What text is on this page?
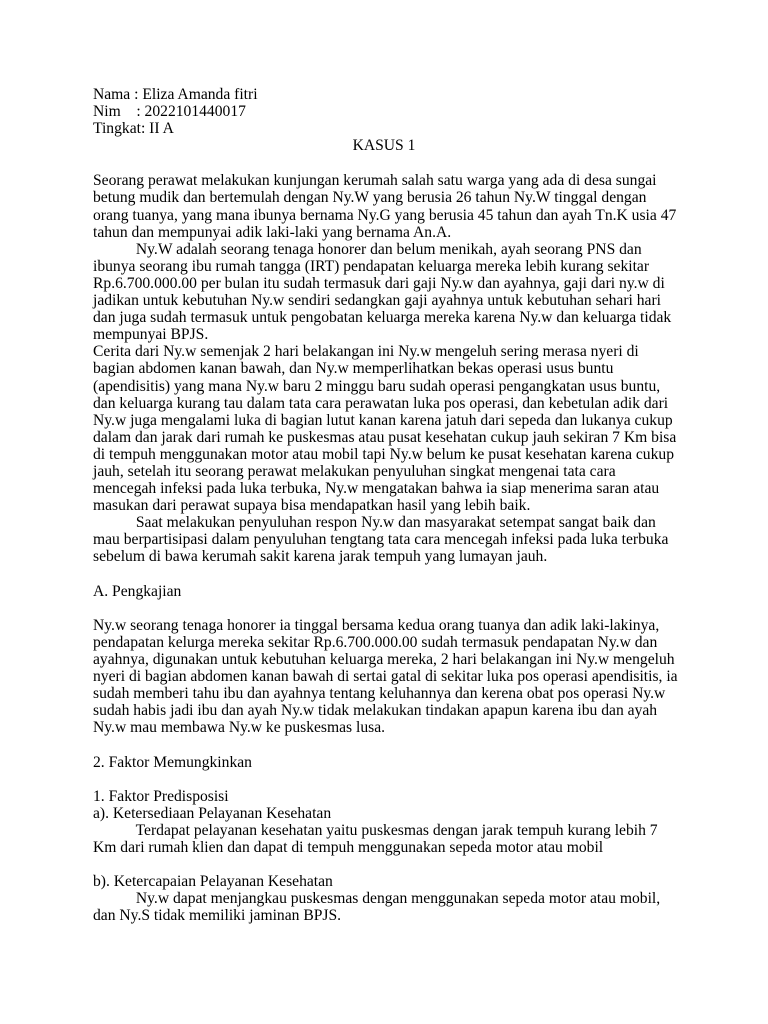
Nama : Eliza Amanda fitri
Nim    : 2022101440017
Tingkat: II A
KASUS 1
Seorang perawat melakukan kunjungan kerumah salah satu warga yang ada di desa sungai
betung mudik dan bertemulah dengan Ny.W yang berusia 26 tahun Ny.W tinggal dengan
orang tuanya, yang mana ibunya bernama Ny.G yang berusia 45 tahun dan ayah Tn.K usia 47
tahun dan mempunyai adik laki-laki yang bernama An.A.
Ny.W adalah seorang tenaga honorer dan belum menikah, ayah seorang PNS dan
ibunya seorang ibu rumah tangga (IRT) pendapatan keluarga mereka lebih kurang sekitar
Rp.6.700.000.00 per bulan itu sudah termasuk dari gaji Ny.w dan ayahnya, gaji dari ny.w di
jadikan untuk kebutuhan Ny.w sendiri sedangkan gaji ayahnya untuk kebutuhan sehari hari
dan juga sudah termasuk untuk pengobatan keluarga mereka karena Ny.w dan keluarga tidak
mempunyai BPJS.
Cerita dari Ny.w semenjak 2 hari belakangan ini Ny.w mengeluh sering merasa nyeri di
bagian abdomen kanan bawah, dan Ny.w memperlihatkan bekas operasi usus buntu
(apendisitis) yang mana Ny.w baru 2 minggu baru sudah operasi pengangkatan usus buntu,
dan keluarga kurang tau dalam tata cara perawatan luka pos operasi, dan kebetulan adik dari
Ny.w juga mengalami luka di bagian lutut kanan karena jatuh dari sepeda dan lukanya cukup
dalam dan jarak dari rumah ke puskesmas atau pusat kesehatan cukup jauh sekiran 7 Km bisa
di tempuh menggunakan motor atau mobil tapi Ny.w belum ke pusat kesehatan karena cukup
jauh, setelah itu seorang perawat melakukan penyuluhan singkat mengenai tata cara
mencegah infeksi pada luka terbuka, Ny.w mengatakan bahwa ia siap menerima saran atau
masukan dari perawat supaya bisa mendapatkan hasil yang lebih baik.
Saat melakukan penyuluhan respon Ny.w dan masyarakat setempat sangat baik dan
mau berpartisipasi dalam penyuluhan tengtang tata cara mencegah infeksi pada luka terbuka
sebelum di bawa kerumah sakit karena jarak tempuh yang lumayan jauh.
A. Pengkajian
Ny.w seorang tenaga honorer ia tinggal bersama kedua orang tuanya dan adik laki-lakinya,
pendapatan kelurga mereka sekitar Rp.6.700.000.00 sudah termasuk pendapatan Ny.w dan
ayahnya, digunakan untuk kebutuhan keluarga mereka, 2 hari belakangan ini Ny.w mengeluh
nyeri di bagian abdomen kanan bawah di sertai gatal di sekitar luka pos operasi apendisitis, ia
sudah memberi tahu ibu dan ayahnya tentang keluhannya dan kerena obat pos operasi Ny.w
sudah habis jadi ibu dan ayah Ny.w tidak melakukan tindakan apapun karena ibu dan ayah
Ny.w mau membawa Ny.w ke puskesmas lusa.
2. Faktor Memungkinkan
1. Faktor Predisposisi
a). Ketersediaan Pelayanan Kesehatan
Terdapat pelayanan kesehatan yaitu puskesmas dengan jarak tempuh kurang lebih 7
Km dari rumah klien dan dapat di tempuh menggunakan sepeda motor atau mobil
b). Ketercapaian Pelayanan Kesehatan
Ny.w dapat menjangkau puskesmas dengan menggunakan sepeda motor atau mobil,
dan Ny.S tidak memiliki jaminan BPJS.
